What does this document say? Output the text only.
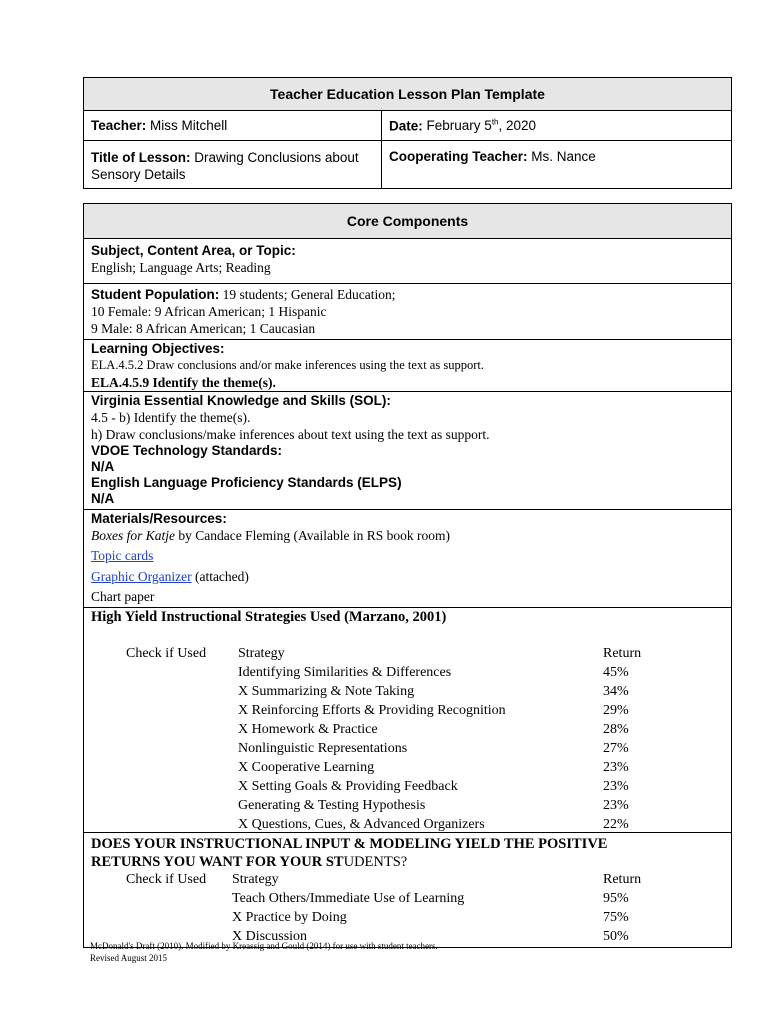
Teacher Education Lesson Plan Template	
Teacher: Miss Mitchell	Date: February 5th, 2020
Title of Lesson: Drawing Conclusions about Sensory Details	Cooperating Teacher: Ms. Nance
Core Components

Subject, Content Area, or Topic:
English; Language Arts; Reading

Student Population: 19 students; General Education;
10 Female: 9 African American; 1 Hispanic
9 Male: 8 African American; 1 Caucasian

Learning Objectives:
ELA.4.5.2 Draw conclusions and/or make inferences using the text as support.
ELA.4.5.9 Identify the theme(s).

Virginia Essential Knowledge and Skills (SOL):
4.5 - b) Identify the theme(s).
h) Draw conclusions/make inferences about text using the text as support.
VDOE Technology Standards:
N/A
English Language Proficiency Standards (ELPS)
N/A

Materials/Resources:
Boxes for Katje by Candace Fleming (Available in RS book room)
Topic cards
Graphic Organizer (attached)
Chart paper

High Yield Instructional Strategies Used (Marzano, 2001)
Check if Used Strategy	Return
Identifying Similarities & Differences	45%
X Summarizing & Note Taking	34%
X Reinforcing Efforts & Providing Recognition	29%
X Homework & Practice	28%
Nonlinguistic Representations	27%
X Cooperative Learning	23%
X Setting Goals & Providing Feedback	23%
Generating & Testing Hypothesis	23%
X Questions, Cues, & Advanced Organizers	22%

DOES YOUR INSTRUCTIONAL INPUT & MODELING YIELD THE POSITIVE
RETURNS YOU WANT FOR YOUR STUDENTS?
Check if Used Strategy	Return
Teach Others/Immediate Use of Learning	95%
X Practice by Doing	75%
X Discussion	50%
McDonald's Draft (2010). Modified by Kreassig and Gould (2014) for use with student teachers.
Revised August 2015
